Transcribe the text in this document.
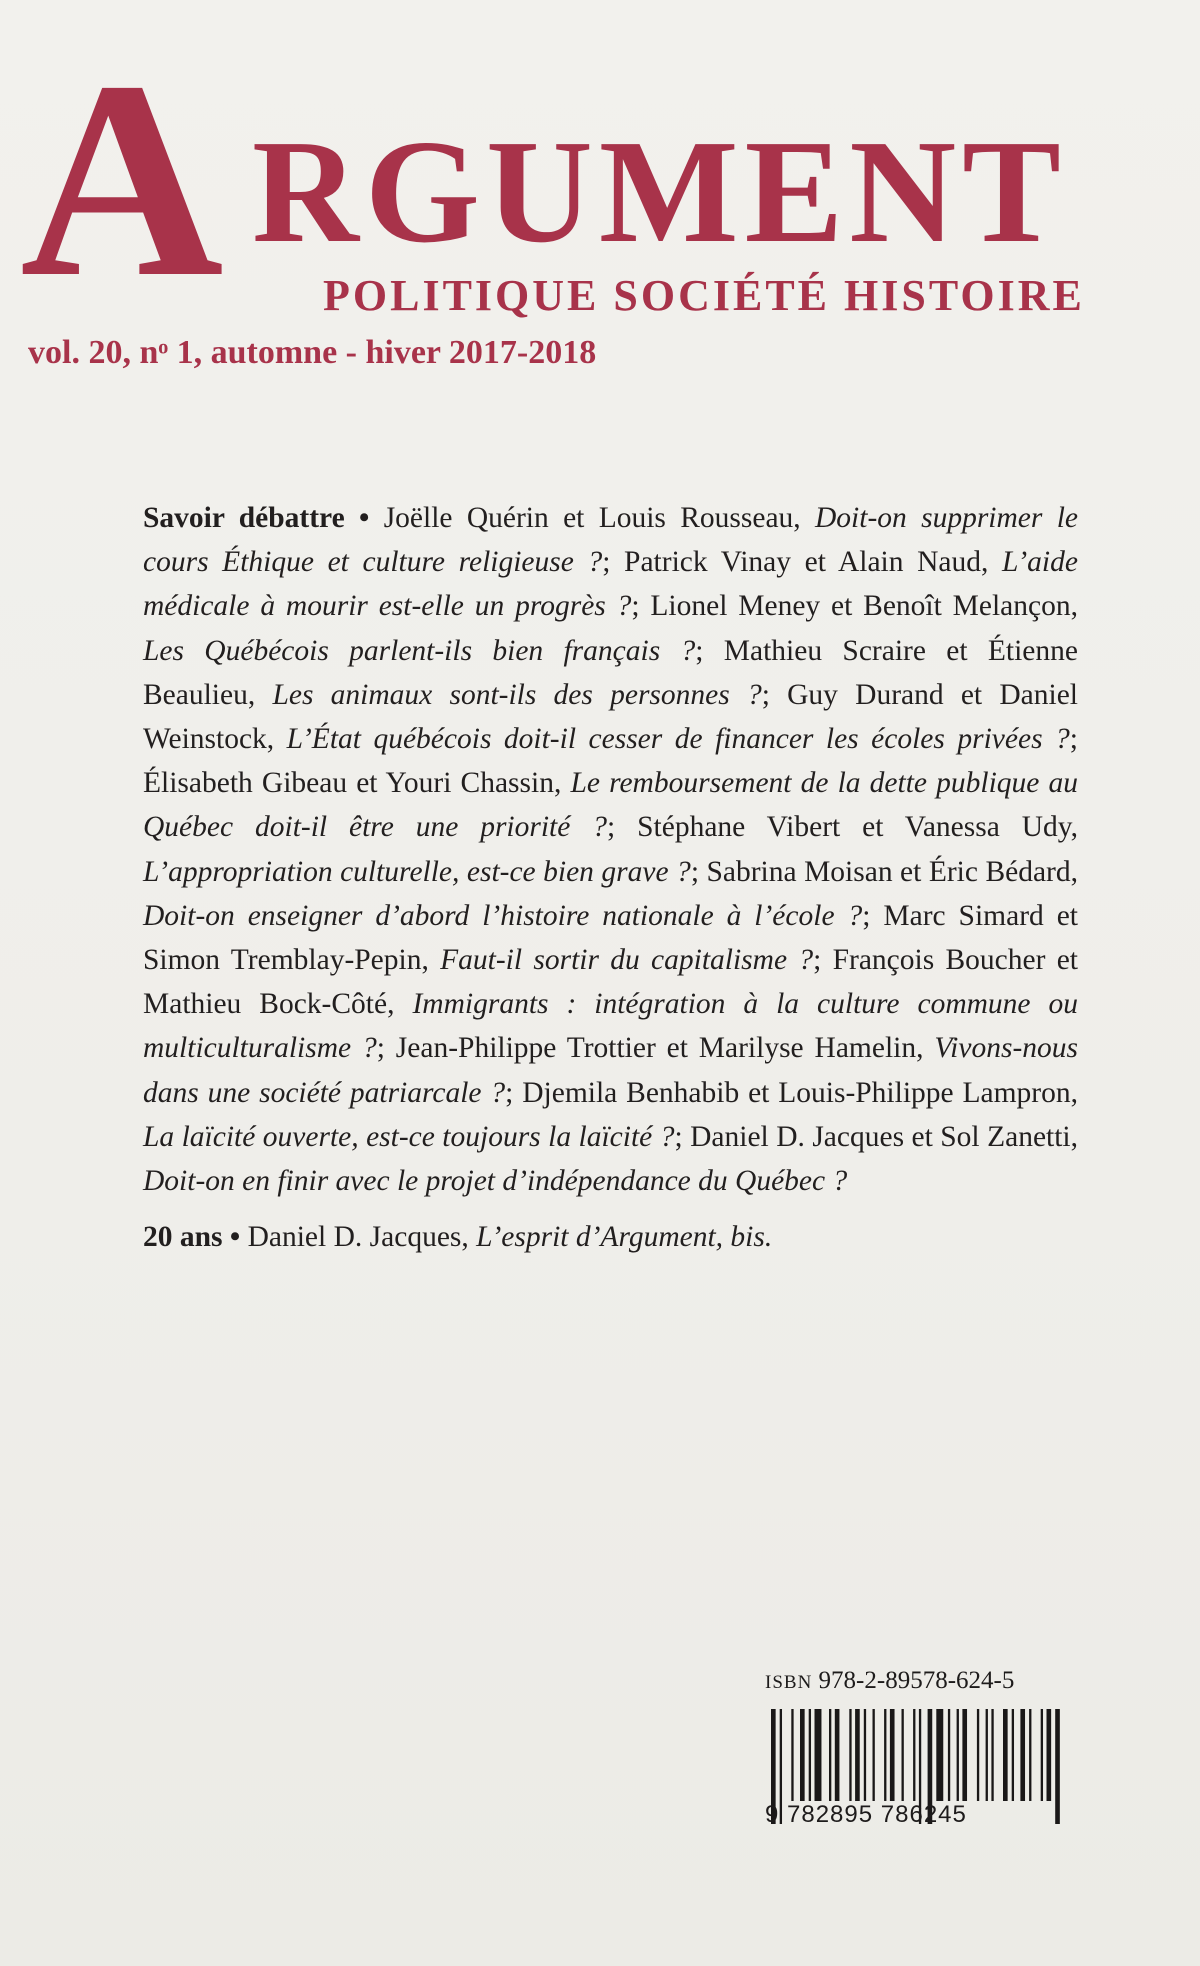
A RGUMENT

POLITIQUE SOCIÉTÉ HISTOIRE

vol. 20, nᵒ 1, automne - hiver 2017-2018

Savoir débattre • Joëlle Quérin et Louis Rousseau, Doit-on supprimer le cours Éthique et culture religieuse ?; Patrick Vinay et Alain Naud, L’aide médicale à mourir est-elle un progrès ?; Lionel Meney et Benoît Melançon, Les Québécois parlent-ils bien français ?; Mathieu Scraire et Étienne Beaulieu, Les animaux sont-ils des personnes ?; Guy Durand et Daniel Weinstock, L’État québécois doit-il cesser de financer les écoles privées ?; Élisabeth Gibeau et Youri Chassin, Le remboursement de la dette publique au Québec doit-il être une priorité ?; Stéphane Vibert et Vanessa Udy, L’appropriation culturelle, est-ce bien grave ?; Sabrina Moisan et Éric Bédard, Doit-on enseigner d’abord l’histoire nationale à l’école ?; Marc Simard et Simon Tremblay-Pepin, Faut-il sortir du capitalisme ?; François Boucher et Mathieu Bock-Côté, Immigrants : intégration à la culture commune ou multiculturalisme ?; Jean-Philippe Trottier et Marilyse Hamelin, Vivons-nous dans une société patriarcale ?; Djemila Benhabib et Louis-Philippe Lampron, La laïcité ouverte, est-ce toujours la laïcité ?; Daniel D. Jacques et Sol Zanetti, Doit-on en finir avec le projet d’indépendance du Québec ?

20 ans • Daniel D. Jacques, L’esprit d’Argument, bis.

ISBN 978-2-89578-624-5
9 782895 786245
